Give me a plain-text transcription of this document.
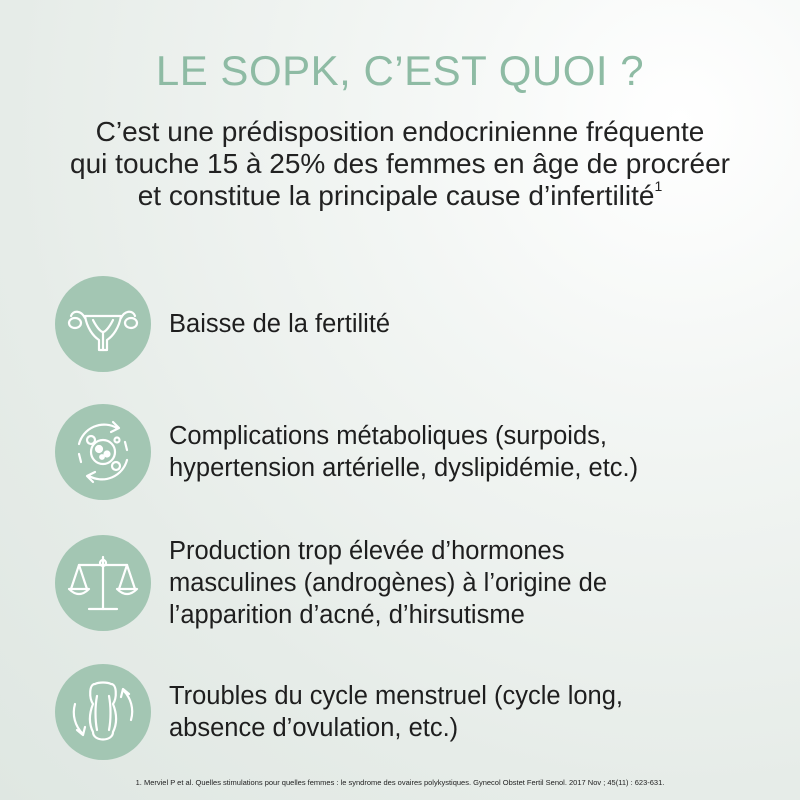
LE SOPK, C’EST QUOI ?
C’est une prédisposition endocrinienne fréquente
qui touche 15 à 25% des femmes en âge de procréer
et constitue la principale cause d’infertilité$^1$
Baisse de la fertilité
Complications métaboliques (surpoids,
hypertension artérielle, dyslipidémie, etc.)
Production trop élevée d’hormones
masculines (androgènes) à l’origine de
l’apparition d’acné, d’hirsutisme
Troubles du cycle menstruel (cycle long,
absence d’ovulation, etc.)
1. Merviel P et al. Quelles stimulations pour quelles femmes : le syndrome des ovaires polykystiques. Gynecol Obstet Fertil Senol. 2017 Nov ; 45(11) : 623-631.
